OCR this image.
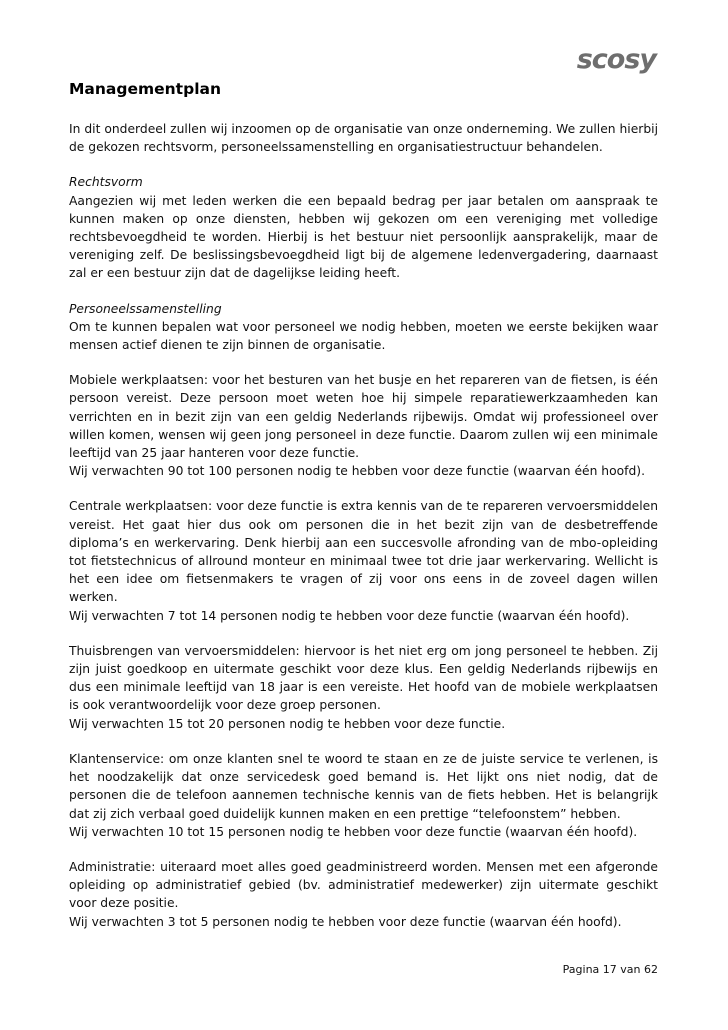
scosy
Managementplan

In dit onderdeel zullen wij inzoomen op de organisatie van onze onderneming. We zullen hierbij de gekozen rechtsvorm, personeelssamenstelling en organisatiestructuur behandelen.

Rechtsvorm
Aangezien wij met leden werken die een bepaald bedrag per jaar betalen om aanspraak te kunnen maken op onze diensten, hebben wij gekozen om een vereniging met volledige rechtsbevoegdheid te worden. Hierbij is het bestuur niet persoonlijk aansprakelijk, maar de vereniging zelf. De beslissingsbevoegdheid ligt bij de algemene ledenvergadering, daarnaast zal er een bestuur zijn dat de dagelijkse leiding heeft.

Personeelssamenstelling
Om te kunnen bepalen wat voor personeel we nodig hebben, moeten we eerste bekijken waar mensen actief dienen te zijn binnen de organisatie.

Mobiele werkplaatsen: voor het besturen van het busje en het repareren van de fietsen, is één persoon vereist. Deze persoon moet weten hoe hij simpele reparatiewerkzaamheden kan verrichten en in bezit zijn van een geldig Nederlands rijbewijs. Omdat wij professioneel over willen komen, wensen wij geen jong personeel in deze functie. Daarom zullen wij een minimale leeftijd van 25 jaar hanteren voor deze functie.
Wij verwachten 90 tot 100 personen nodig te hebben voor deze functie (waarvan één hoofd).

Centrale werkplaatsen: voor deze functie is extra kennis van de te repareren vervoersmiddelen vereist. Het gaat hier dus ook om personen die in het bezit zijn van de desbetreffende diploma’s en werkervaring. Denk hierbij aan een succesvolle afronding van de mbo-opleiding tot fietstechnicus of allround monteur en minimaal twee tot drie jaar werkervaring. Wellicht is het een idee om fietsenmakers te vragen of zij voor ons eens in de zoveel dagen willen werken.
Wij verwachten 7 tot 14 personen nodig te hebben voor deze functie (waarvan één hoofd).

Thuisbrengen van vervoersmiddelen: hiervoor is het niet erg om jong personeel te hebben. Zij zijn juist goedkoop en uitermate geschikt voor deze klus. Een geldig Nederlands rijbewijs en dus een minimale leeftijd van 18 jaar is een vereiste. Het hoofd van de mobiele werkplaatsen is ook verantwoordelijk voor deze groep personen.
Wij verwachten 15 tot 20 personen nodig te hebben voor deze functie.

Klantenservice: om onze klanten snel te woord te staan en ze de juiste service te verlenen, is het noodzakelijk dat onze servicedesk goed bemand is. Het lijkt ons niet nodig, dat de personen die de telefoon aannemen technische kennis van de fiets hebben. Het is belangrijk dat zij zich verbaal goed duidelijk kunnen maken en een prettige “telefoonstem” hebben.
Wij verwachten 10 tot 15 personen nodig te hebben voor deze functie (waarvan één hoofd).

Administratie: uiteraard moet alles goed geadministreerd worden. Mensen met een afgeronde opleiding op administratief gebied (bv. administratief medewerker) zijn uitermate geschikt voor deze positie.
Wij verwachten 3 tot 5 personen nodig te hebben voor deze functie (waarvan één hoofd).

Pagina 17 van 62
